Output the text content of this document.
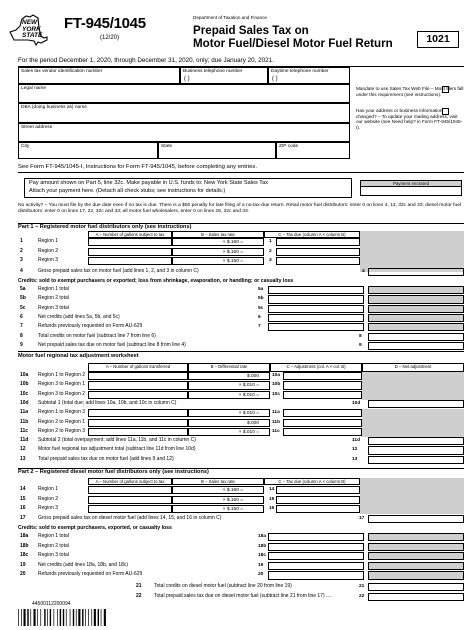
NEW YORK STATE
FT-945/1045
(12/20)
Department of Taxation and Finance
Prepaid Sales Tax on
Motor Fuel/Diesel Motor Fuel Return	1021
For the period December 1, 2020, through December 31, 2020, only; due January 20, 2021.
Sales tax vendor identification number	Business telephone number
( )
Daytime telephone number
( )
Legal name
DBA (doing business as) name
Street address
City	State	ZIP code
Mandate to use Sales Tax Web File – Most filers fall under this requirement (see instructions).
Has your address or business information changed? – To update your mailing address, visit our website (see Need help? in Form FT-945/1045-I).
See Form FT-945/1045-I, Instructions for Form FT-945/1045, before completing any entries.
Pay amount shown on Part 5, line 32c. Make payable in U.S. funds to: New York State Sales Tax
Attach your payment here. (Detach all check stubs; see instructions for details.)
Payment enclosed
No activity? – You must file by the due date even if no tax is due. There is a $50 penalty for late filing of a no-tax-due return. Retail motor fuel distributors: enter 0 on lines 4, 13, 32c and 33; diesel motor fuel distributors: enter 0 on lines 17, 22, 32c and 33; all motor fuel wholesalers, enter 0 on lines 28, 32c and 33.
Part 1 – Registered motor fuel distributors only (see instructions)
A – Number of gallons subject to tax	B – Sales tax rate	C – Tax due (column A × column B)
1	Region 1	× $.160 =	1
2	Region 2	× $.160 =	2
3	Region 3	× $.150 =	3
4	Gross prepaid sales tax on motor fuel (add lines 1, 2, and 3 in column C)	4
Credits: sold to exempt purchasers or exported; loss from shrinkage, evaporation, or handling; or casualty loss
5a Region 1 total	5a
5b Region 2 total	5b
5c Region 3 total	5c
6	Net credits (add lines 5a, 5b, and 5c)	6
7	Refunds previously requested on Form AU-629	7
8	Total credits on motor fuel (subtract line 7 from line 6)	8
9	Net prepaid sales tax due on motor fuel (subtract line 8 from line 4)	9
Motor fuel regional tax adjustment worksheet
A – Number of gallons transferred	B – Differential rate	C – Adjustment (col. A × col. B)	D – Net adjustment
10a Region 1 to Region 2	$.000	10a
10b Region 3 to Region 1	× $.010 =	10b
10c Region 3 to Region 2	× $.010 =	10c
10d Subtotal 1 (total due; add lines 10a, 10b, and 10c in column C)	10d
11a Region 1 to Region 3	× $.010 =	11a
11b Region 2 to Region 1	$.000	11b
11c Region 2 to Region 3	× $.010 =	11c
11d Subtotal 2 (total overpayment; add lines 11a, 11b, and 11c in column C)	11d
12 Motor fuel regional tax adjustment total (subtract line 11d from line 10d)	12
13 Total prepaid sales tax due on motor fuel (add lines 9 and 12)	13
Part 2 – Registered diesel motor fuel distributors only (see instructions)
A – Number of gallons subject to tax	B – Sales tax rate	C – Tax due (column A × column B)
14 Region 1	× $.160 =	14
15 Region 2	× $.160 =	15
16 Region 3	× $.150 =	16
17 Gross prepaid sales tax on diesel motor fuel (add lines 14, 15, and 16 in column C)	17
Credits: sold to exempt purchasers, exported, or casualty loss
18a Region 1 total	18a
18b Region 2 total	18b
18c Region 3 total	18c
19 Net credits (add lines 18a, 18b, and 18c)	19
20 Refunds previously requested on Form AU-629	20
21 Total credits on diesel motor fuel (subtract line 20 from line 19)	21
22 Total prepaid sales tax due on diesel motor fuel (subtract line 21 from line 17) ....	22
44500112200094
